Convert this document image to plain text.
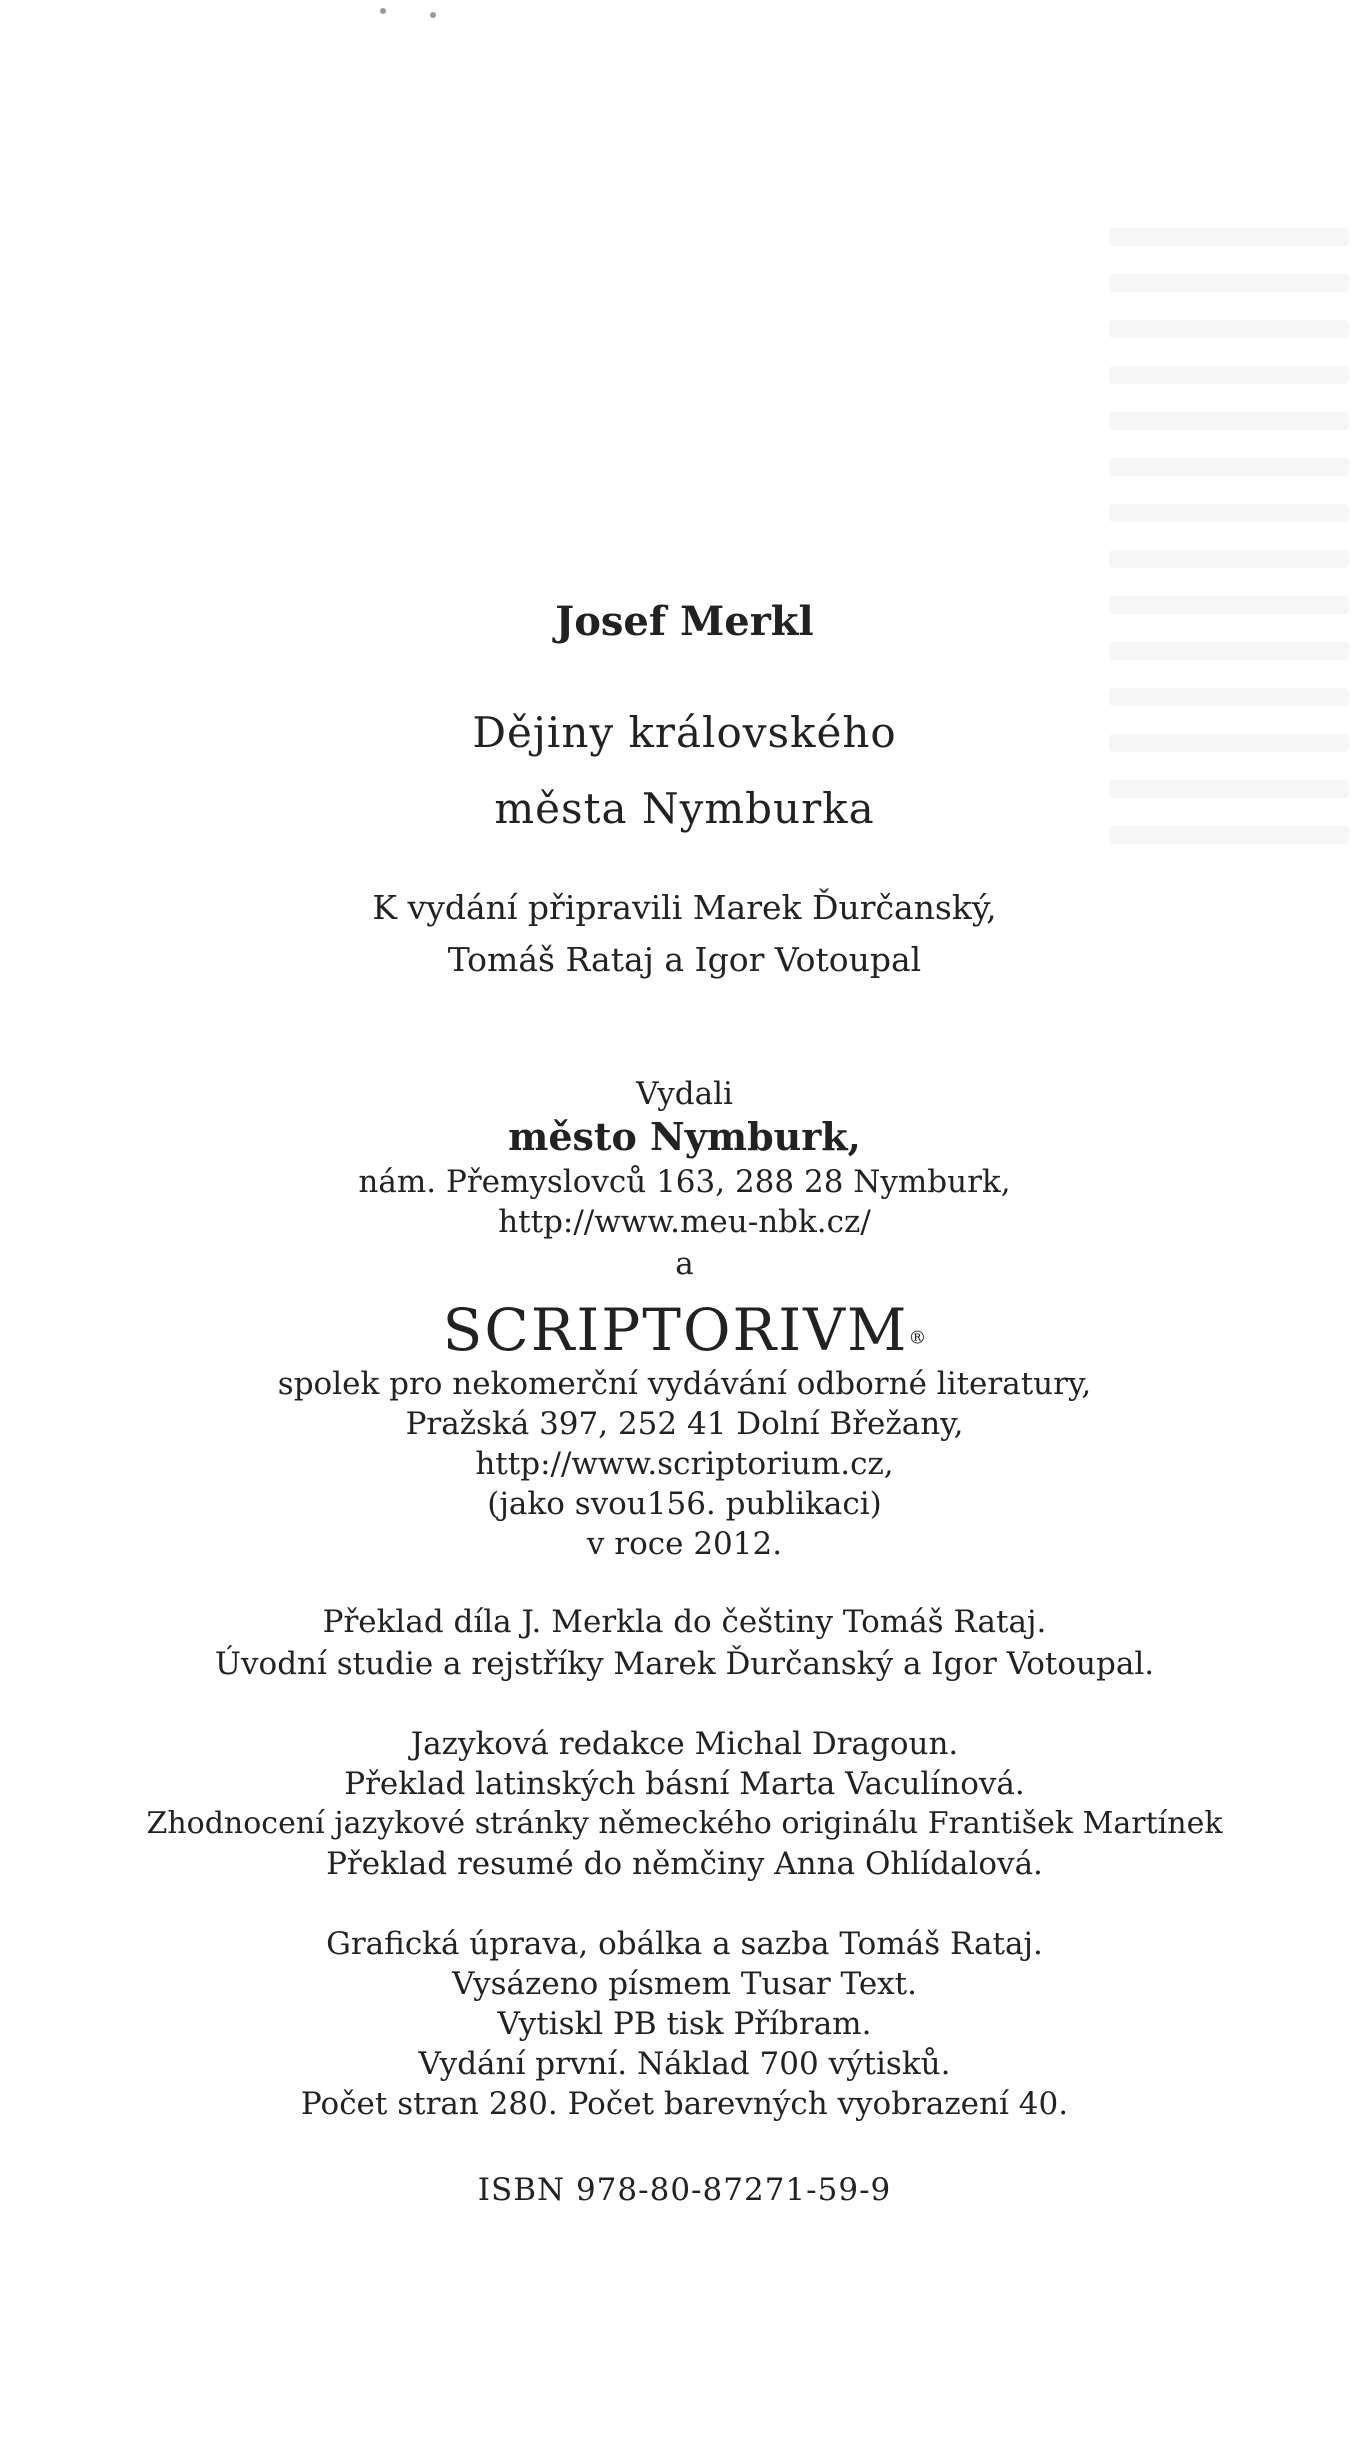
Josef Merkl
Dějiny královského
města Nymburka
K vydání připravili Marek Ďurčanský,
Tomáš Rataj a Igor Votoupal
Vydali
město Nymburk,
nám. Přemyslovců 163, 288 28 Nymburk,
http://www.meu-nbk.cz/
a
SCRIPTORIVM®
spolek pro nekomerční vydávání odborné literatury,
Pražská 397, 252 41 Dolní Břežany,
http://www.scriptorium.cz,
(jako svou156. publikaci)
v roce 2012.
Překlad díla J. Merkla do češtiny Tomáš Rataj.
Úvodní studie a rejstříky Marek Ďurčanský a Igor Votoupal.
Jazyková redakce Michal Dragoun.
Překlad latinských básní Marta Vaculínová.
Zhodnocení jazykové stránky německého originálu František Martínek
Překlad resumé do němčiny Anna Ohlídalová.
Grafická úprava, obálka a sazba Tomáš Rataj.
Vysázeno písmem Tusar Text.
Vytiskl PB tisk Příbram.
Vydání první. Náklad 700 výtisků.
Počet stran 280. Počet barevných vyobrazení 40.
ISBN 978-80-87271-59-9
